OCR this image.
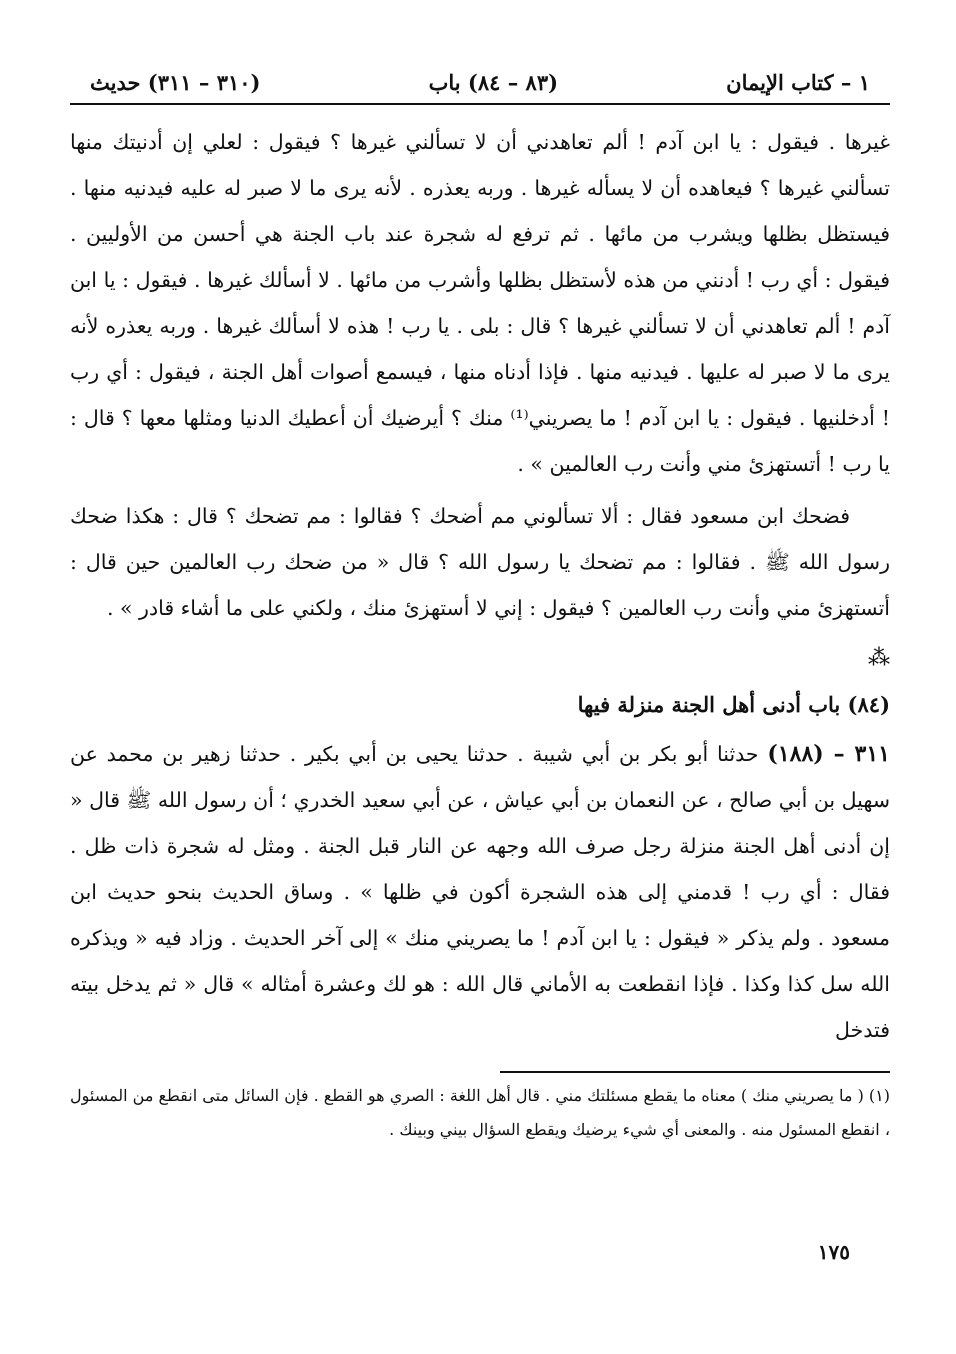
١ – كتاب الإيمان
(٨٣ – ٨٤) باب
(٣١٠ – ٣١١) حديث

غيرها . فيقول : يا ابن آدم ! ألم تعاهدني أن لا تسألني غيرها ؟ فيقول : لعلي إن أدنيتك منها تسألني غيرها ؟ فيعاهده أن لا يسأله غيرها . وربه يعذره . لأنه يرى ما لا صبر له عليه فيدنيه منها . فيستظل بظلها ويشرب من مائها . ثم ترفع له شجرة عند باب الجنة هي أحسن من الأوليين . فيقول : أي رب ! أدنني من هذه لأستظل بظلها وأشرب من مائها . لا أسألك غيرها . فيقول : يا ابن آدم ! ألم تعاهدني أن لا تسألني غيرها ؟ قال : بلى . يا رب ! هذه لا أسألك غيرها . وربه يعذره لأنه يرى ما لا صبر له عليها . فيدنيه منها . فإذا أدناه منها ، فيسمع أصوات أهل الجنة ، فيقول : أي رب ! أدخلنيها . فيقول : يا ابن آدم ! ما يصريني⁽¹⁾ منك ؟ أيرضيك أن أعطيك الدنيا ومثلها معها ؟ قال : يا رب ! أتستهزئ مني وأنت رب العالمين » .

فضحك ابن مسعود فقال : ألا تسألوني مم أضحك ؟ فقالوا : مم تضحك ؟ قال : هكذا ضحك رسول الله ﷺ . فقالوا : مم تضحك يا رسول الله ؟ قال « من ضحك رب العالمين حين قال : أتستهزئ مني وأنت رب العالمين ؟ فيقول : إني لا أستهزئ منك ، ولكني على ما أشاء قادر » .

⁂
(٨٤) باب أدنى أهل الجنة منزلة فيها

٣١١ – (١٨٨) حدثنا أبو بكر بن أبي شيبة . حدثنا يحيى بن أبي بكير . حدثنا زهير بن محمد عن سهيل بن أبي صالح ، عن النعمان بن أبي عياش ، عن أبي سعيد الخدري ؛ أن رسول الله ﷺ قال « إن أدنى أهل الجنة منزلة رجل صرف الله وجهه عن النار قبل الجنة . ومثل له شجرة ذات ظل . فقال : أي رب ! قدمني إلى هذه الشجرة أكون في ظلها » . وساق الحديث بنحو حديث ابن مسعود . ولم يذكر « فيقول : يا ابن آدم ! ما يصريني منك » إلى آخر الحديث . وزاد فيه « ويذكره الله سل كذا وكذا . فإذا انقطعت به الأماني قال الله : هو لك وعشرة أمثاله » قال « ثم يدخل بيته فتدخل

(١) ( ما يصريني منك ) معناه ما يقطع مسئلتك مني . قال أهل اللغة : الصري هو القطع . فإن السائل متى انقطع من المسئول ، انقطع المسئول منه . والمعنى أي شيء يرضيك ويقطع السؤال بيني وبينك .
١٧٥
